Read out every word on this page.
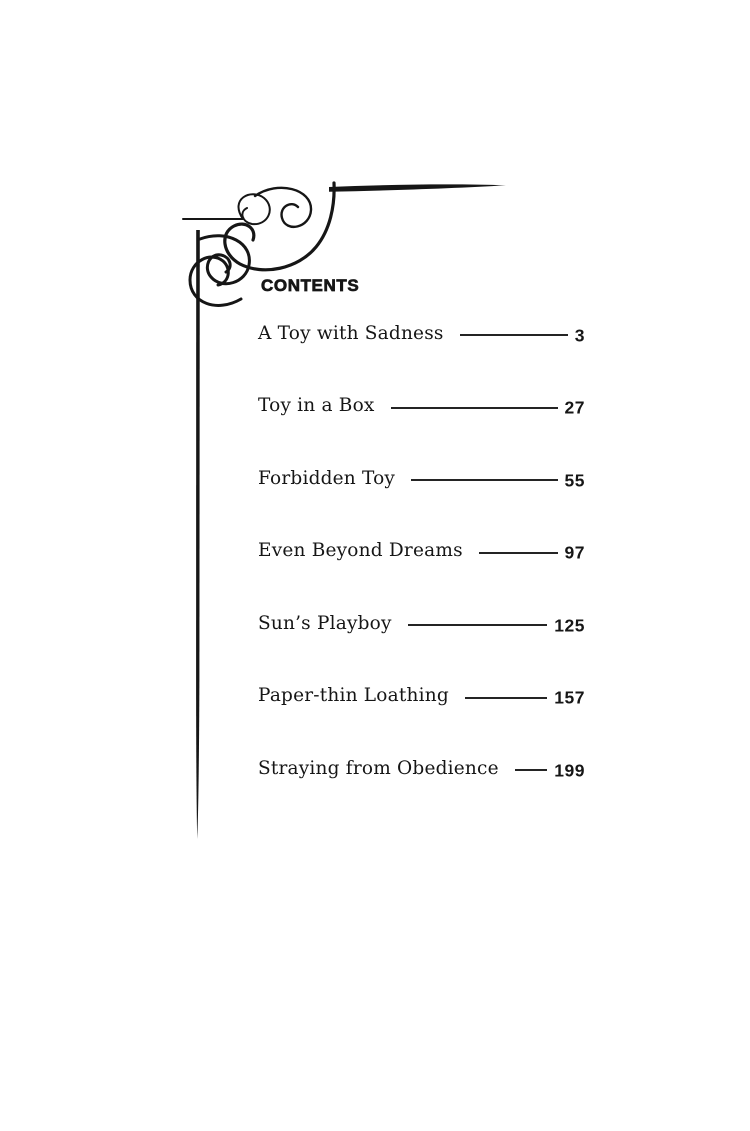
CONTENTS
A Toy with Sadness	3
Toy in a Box	27
Forbidden Toy	55
Even Beyond Dreams	97
Sun’s Playboy	125
Paper-thin Loathing	157
Straying from Obedience	199
